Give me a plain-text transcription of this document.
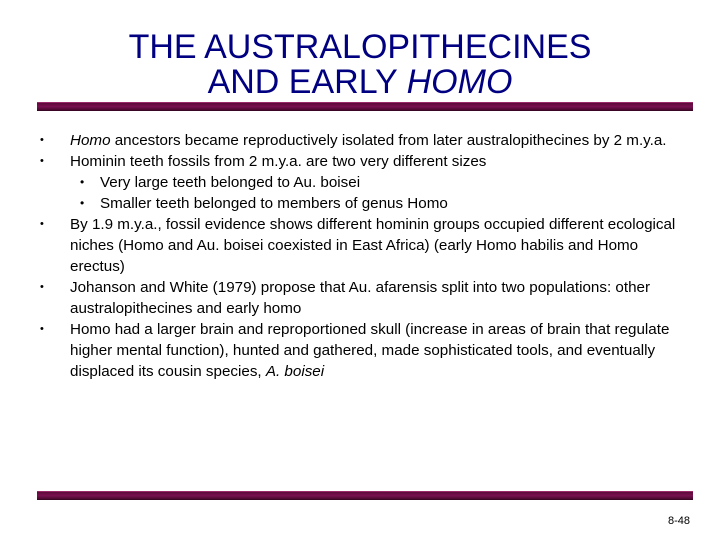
THE AUSTRALOPITHECINES
AND EARLY HOMO
• Homo ancestors became reproductively isolated from later australopithecines by 2 m.y.a.
• Hominin teeth fossils from 2 m.y.a. are two very different sizes
• Very large teeth belonged to Au. boisei
• Smaller teeth belonged to members of genus Homo
• By 1.9 m.y.a., fossil evidence shows different hominin groups occupied different ecological niches (Homo and Au. boisei coexisted in East Africa) (early Homo habilis and Homo erectus)
• Johanson and White (1979) propose that Au. afarensis split into two populations: other australopithecines and early homo
• Homo had a larger brain and reproportioned skull (increase in areas of brain that regulate higher mental function), hunted and gathered, made sophisticated tools, and eventually displaced its cousin species, A. boisei
8-48
